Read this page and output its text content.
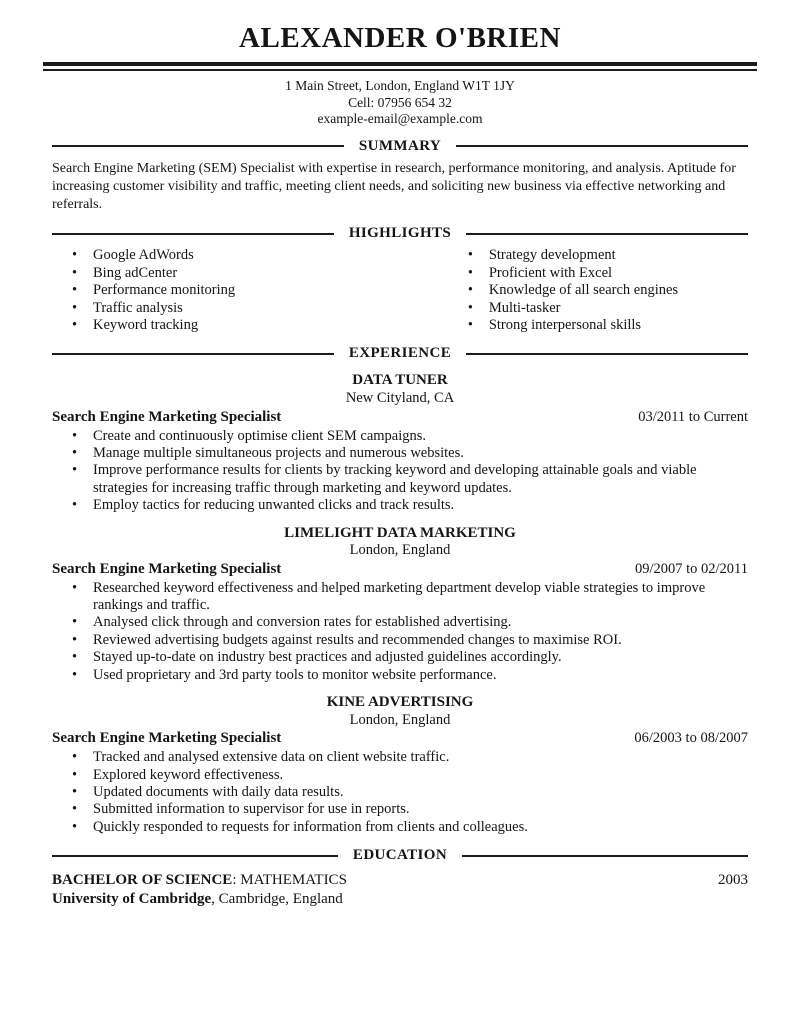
ALEXANDER O'BRIEN
1 Main Street, London, England W1T 1JY
Cell: 07956 654 32
example-email@example.com
SUMMARY

Search Engine Marketing (SEM) Specialist with expertise in research, performance monitoring, and analysis. Aptitude for increasing customer visibility and traffic, meeting client needs, and soliciting new business via effective networking and referrals.

HIGHLIGHTS
•	Google AdWords
•	Bing adCenter
•	Performance monitoring
•	Traffic analysis
•	Keyword tracking
•	Strategy development
•	Proficient with Excel
•	Knowledge of all search engines
•	Multi-tasker
•	Strong interpersonal skills
EXPERIENCE
DATA TUNER
New Cityland, CA
Search Engine Marketing Specialist	03/2011 to Current
•	Create and continuously optimise client SEM campaigns.
•	Manage multiple simultaneous projects and numerous websites.
•	Improve performance results for clients by tracking keyword and developing attainable goals and viable strategies for increasing traffic through marketing and keyword updates.
•	Employ tactics for reducing unwanted clicks and track results.
LIMELIGHT DATA MARKETING
London, England
Search Engine Marketing Specialist	09/2007 to 02/2011
•	Researched keyword effectiveness and helped marketing department develop viable strategies to improve rankings and traffic.
•	Analysed click through and conversion rates for established advertising.
•	Reviewed advertising budgets against results and recommended changes to maximise ROI.
•	Stayed up-to-date on industry best practices and adjusted guidelines accordingly.
•	Used proprietary and 3rd party tools to monitor website performance.
KINE ADVERTISING
London, England
Search Engine Marketing Specialist	06/2003 to 08/2007
•	Tracked and analysed extensive data on client website traffic.
•	Explored keyword effectiveness.
•	Updated documents with daily data results.
•	Submitted information to supervisor for use in reports.
•	Quickly responded to requests for information from clients and colleagues.
EDUCATION
BACHELOR OF SCIENCE: MATHEMATICS	2003
University of Cambridge, Cambridge, England
